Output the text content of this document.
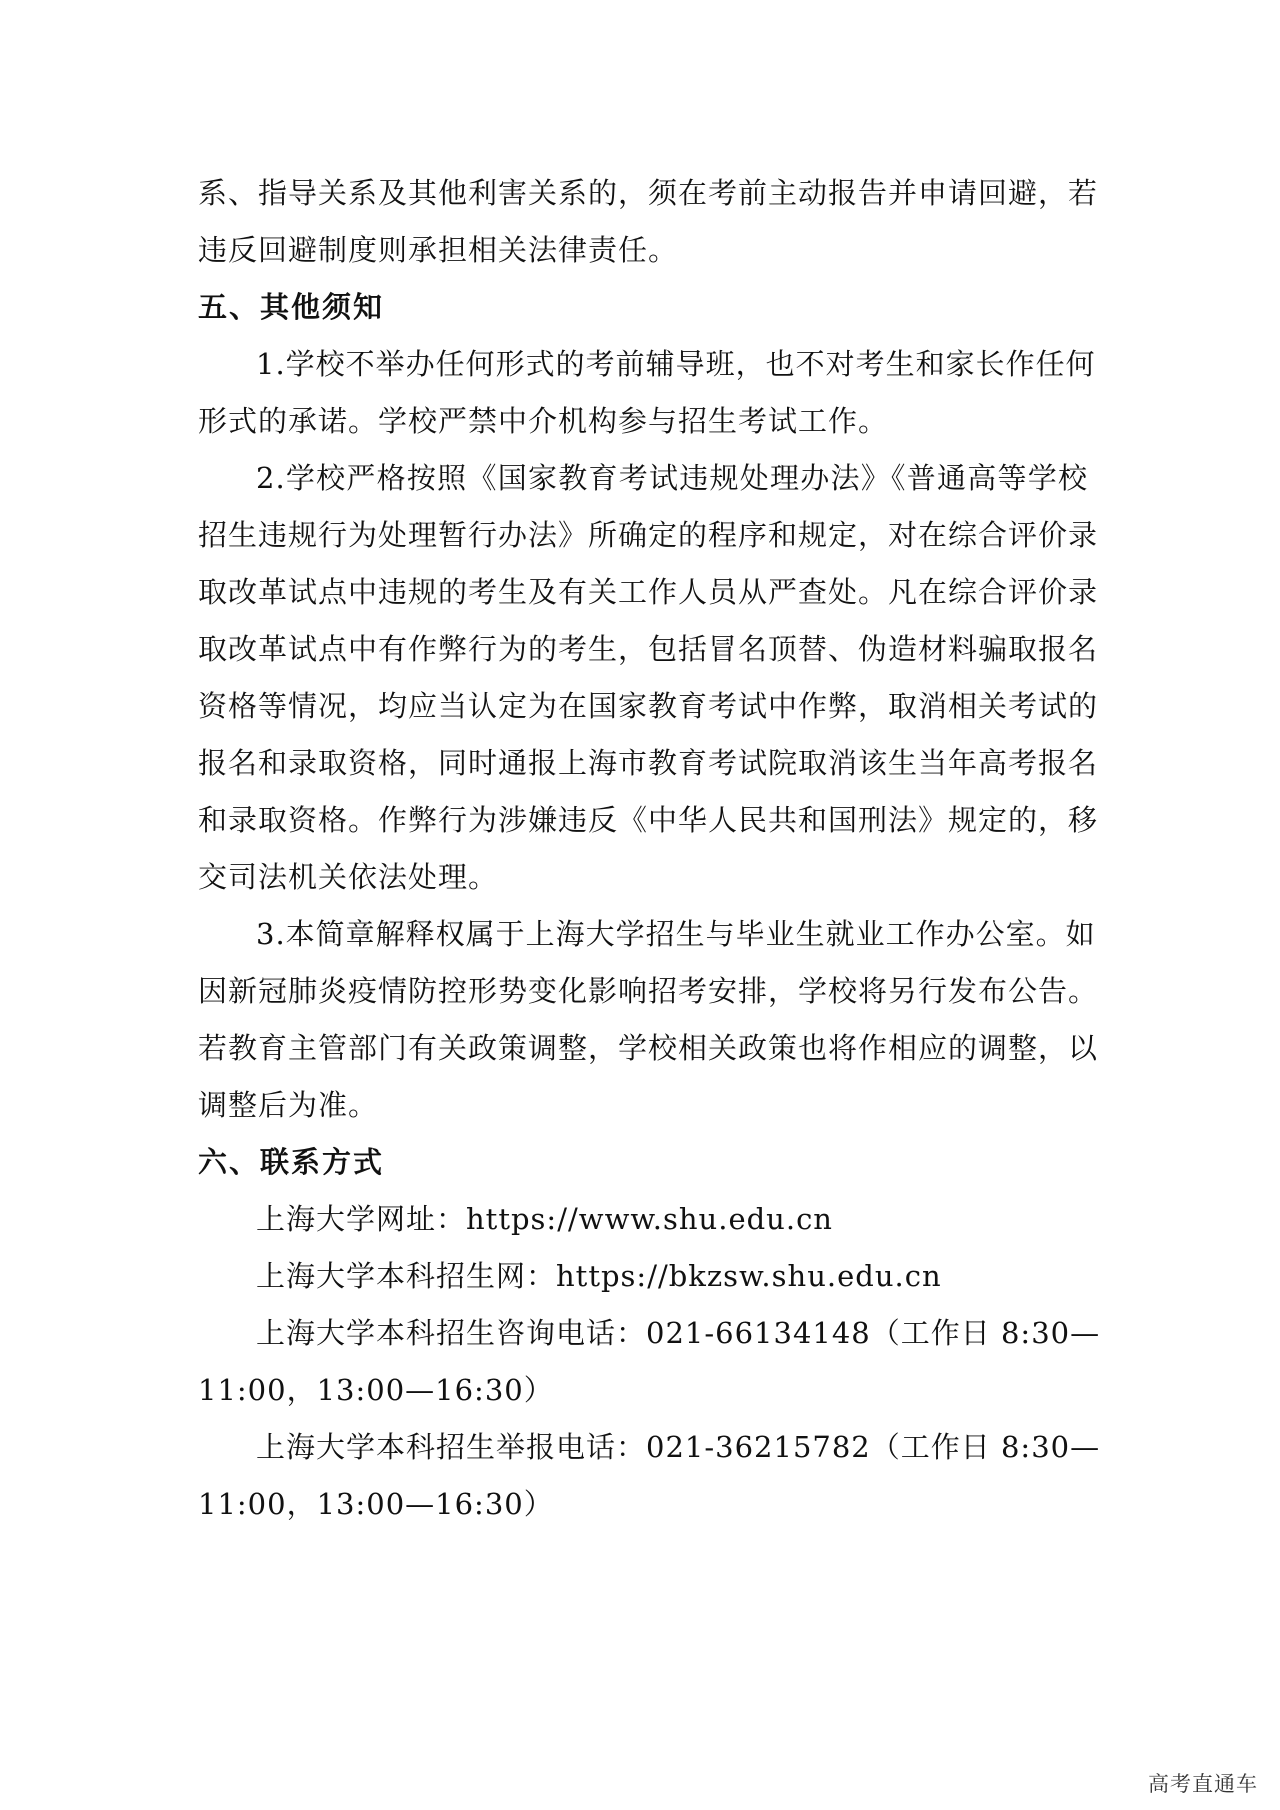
系、指导关系及其他利害关系的，须在考前主动报告并申请回避，若
违反回避制度则承担相关法律责任。
五、其他须知
1.学校不举办任何形式的考前辅导班，也不对考生和家长作任何
形式的承诺。学校严禁中介机构参与招生考试工作。
2.学校严格按照《国家教育考试违规处理办法》《普通高等学校
招生违规行为处理暂行办法》所确定的程序和规定，对在综合评价录
取改革试点中违规的考生及有关工作人员从严查处。凡在综合评价录
取改革试点中有作弊行为的考生，包括冒名顶替、伪造材料骗取报名
资格等情况，均应当认定为在国家教育考试中作弊，取消相关考试的
报名和录取资格，同时通报上海市教育考试院取消该生当年高考报名
和录取资格。作弊行为涉嫌违反《中华人民共和国刑法》规定的，移
交司法机关依法处理。
3.本简章解释权属于上海大学招生与毕业生就业工作办公室。如
因新冠肺炎疫情防控形势变化影响招考安排，学校将另行发布公告。
若教育主管部门有关政策调整，学校相关政策也将作相应的调整，以
调整后为准。
六、联系方式
上海大学网址：https://www.shu.edu.cn
上海大学本科招生网：https://bkzsw.shu.edu.cn
上海大学本科招生咨询电话：021-66134148（工作日 8:30—
11:00，13:00—16:30）
上海大学本科招生举报电话：021-36215782（工作日 8:30—
11:00，13:00—16:30）
高考直通车
